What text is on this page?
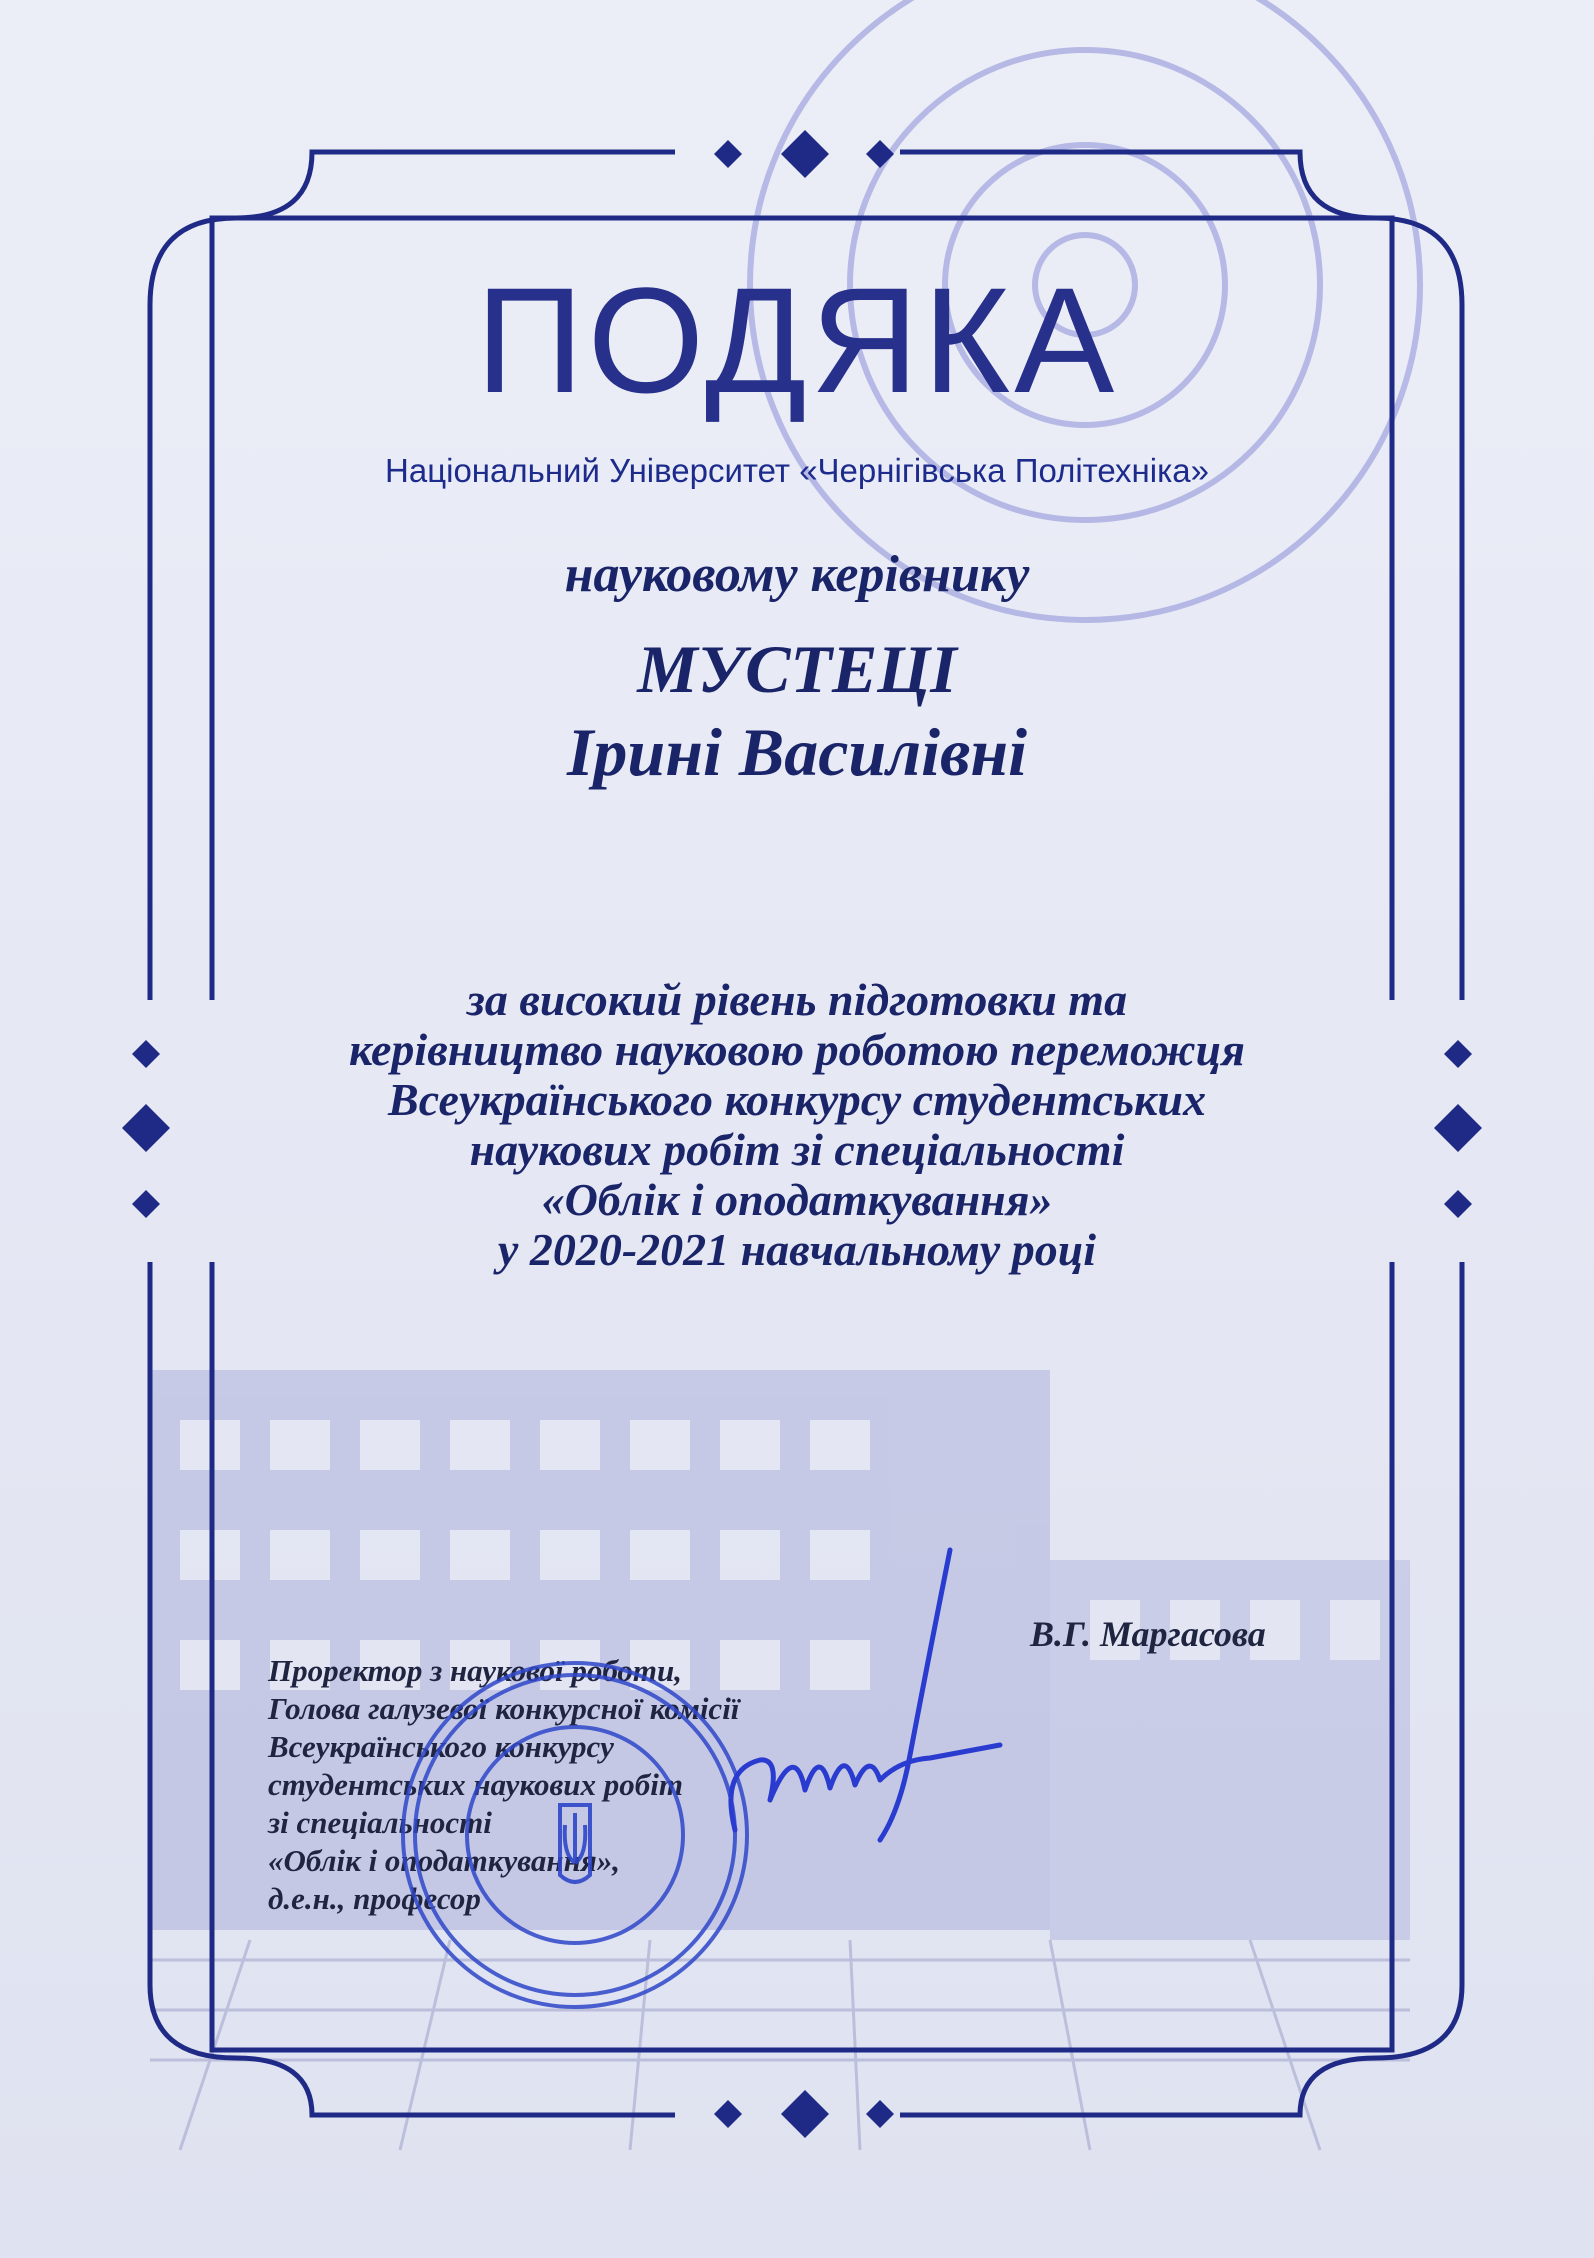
ПОДЯКА
Національний Університет «Чернігівська Політехніка»
науковому керівнику
МУСТЕЦІ
Ірині Василівні
за високий рівень підготовки та
керівництво науковою роботою переможця
Всеукраїнського конкурсу студентських
наукових робіт зі спеціальності
«Облік і оподаткування»
у 2020-2021 навчальному році
Проректор з наукової роботи,
Голова галузевої конкурсної комісії
Всеукраїнського конкурсу
студентських наукових робіт
зі спеціальності
«Облік і оподаткування»,
д.е.н., професор
В.Г. Маргасова
